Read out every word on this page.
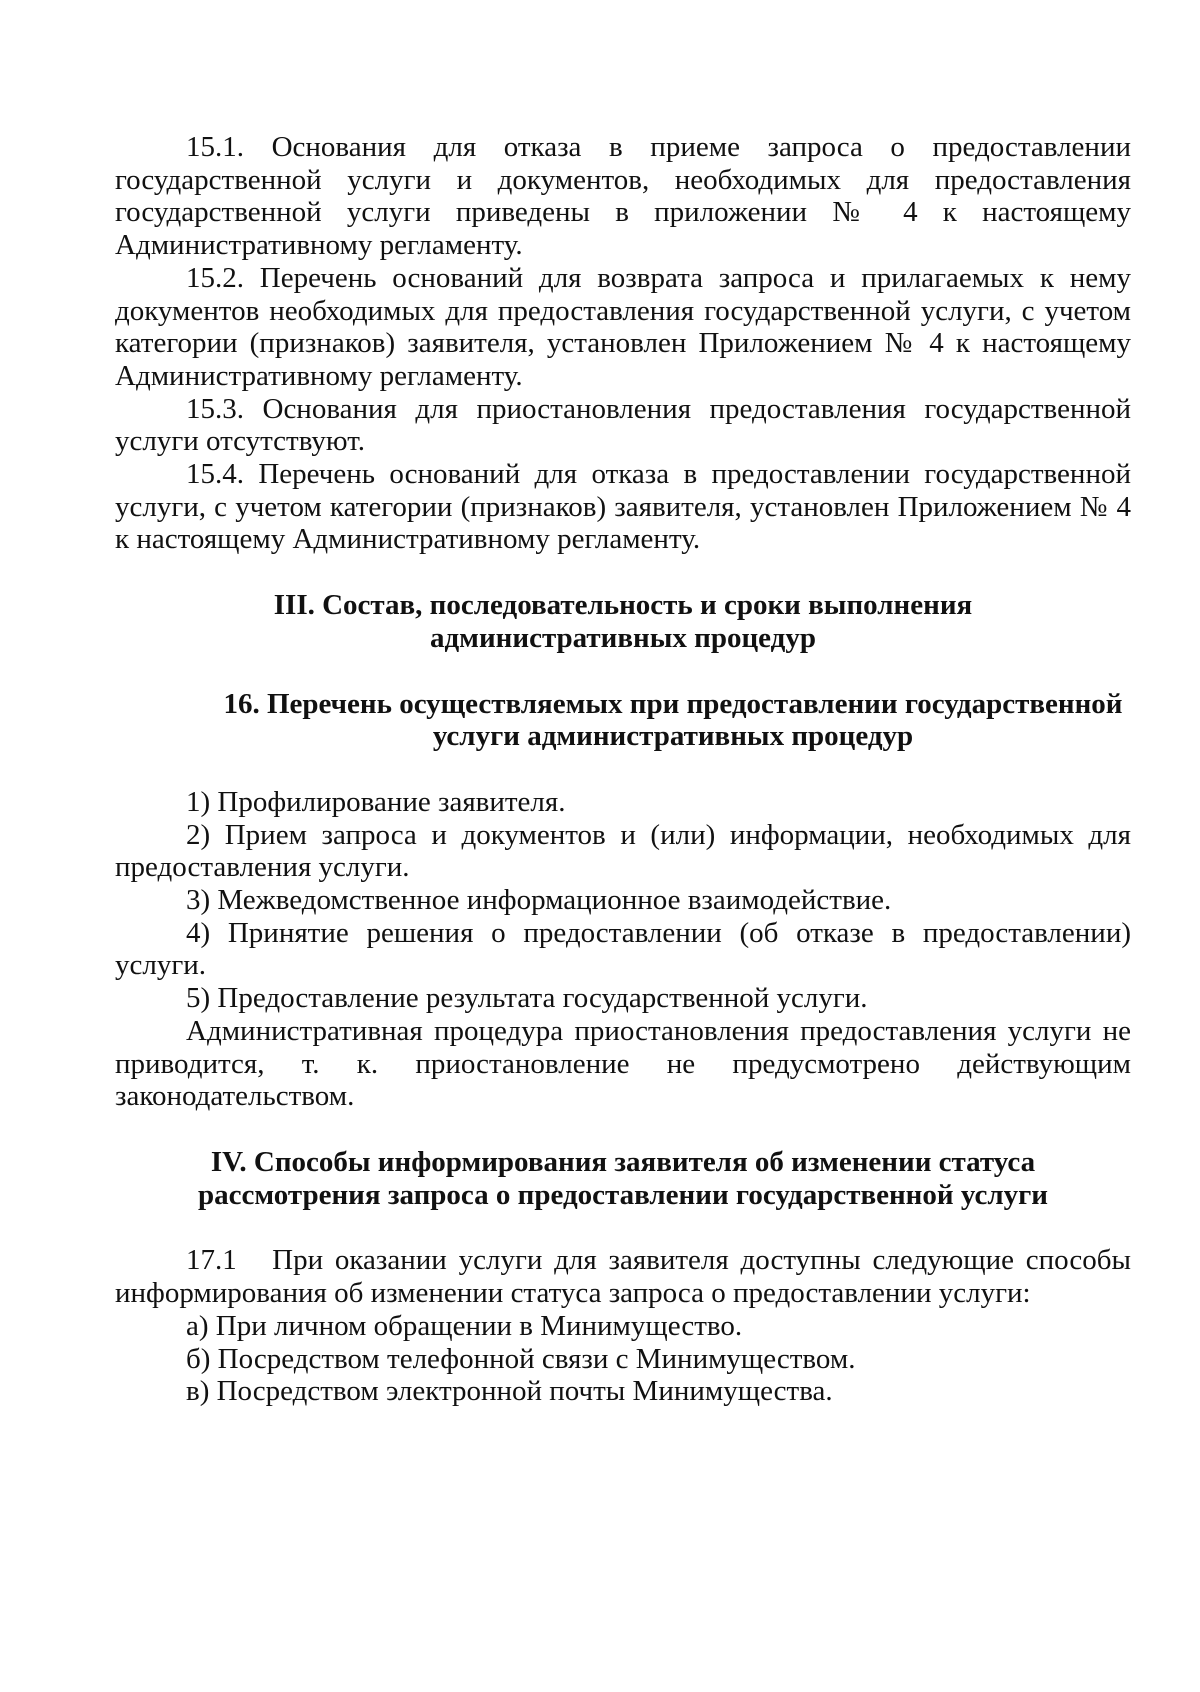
15.1. Основания для отказа в приеме запроса о предоставлении государственной услуги и документов, необходимых для предоставления государственной услуги приведены в приложении № 4 к настоящему Административному регламенту.

15.2. Перечень оснований для возврата запроса и прилагаемых к нему документов необходимых для предоставления государственной услуги, с учетом категории (признаков) заявителя, установлен Приложением № 4 к настоящему Административному регламенту.

15.3. Основания для приостановления предоставления государственной услуги отсутствуют.

15.4. Перечень оснований для отказа в предоставлении государственной услуги, с учетом категории (признаков) заявителя, установлен Приложением № 4 к настоящему Административному регламенту.

III. Состав, последовательность и сроки выполнения
административных процедур
16. Перечень осуществляемых при предоставлении государственной
услуги административных процедур

1) Профилирование заявителя.

2) Прием запроса и документов и (или) информации, необходимых для предоставления услуги.

3) Межведомственное информационное взаимодействие.

4) Принятие решения о предоставлении (об отказе в предоставлении) услуги.

5) Предоставление результата государственной услуги.

Административная процедура приостановления предоставления услуги не приводится, т. к. приостановление не предусмотрено действующим законодательством.

IV. Способы информирования заявителя об изменении статуса
рассмотрения запроса о предоставлении государственной услуги

17.1   При оказании услуги для заявителя доступны следующие способы информирования об изменении статуса запроса о предоставлении услуги:

а) При личном обращении в Минимущество.

б) Посредством телефонной связи с Минимуществом.

в) Посредством электронной почты Минимущества.
